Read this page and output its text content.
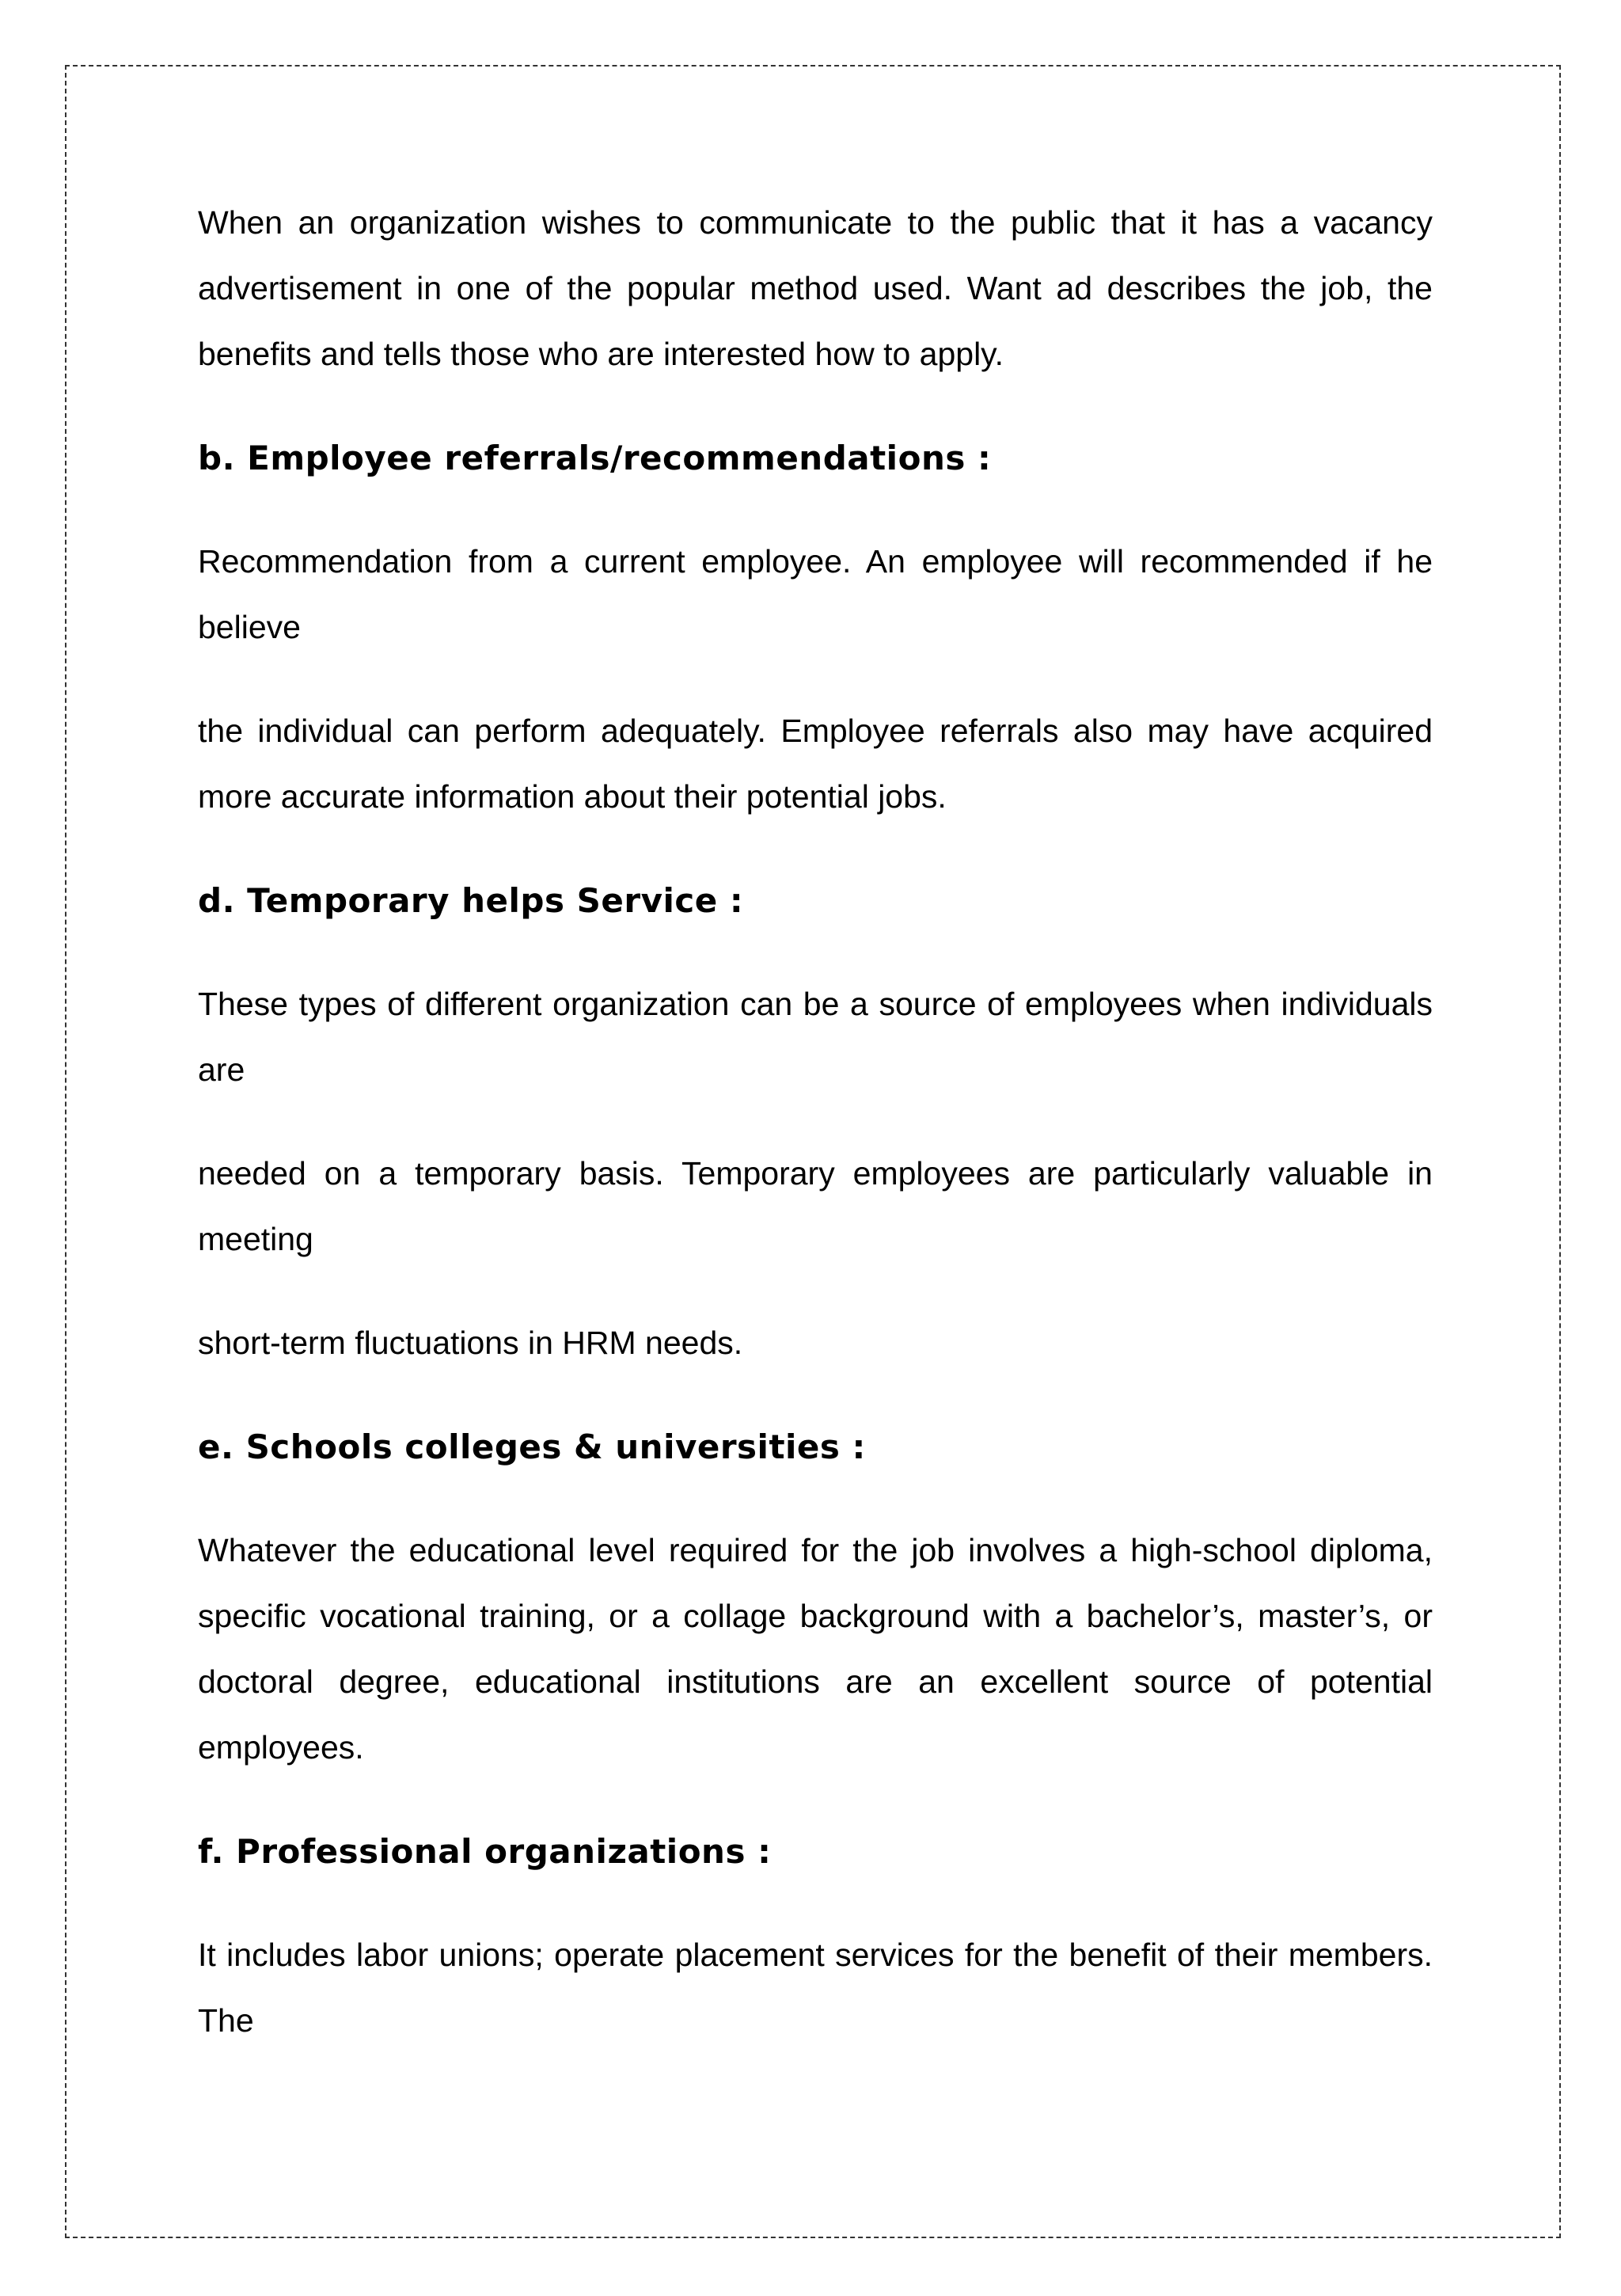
When an organization wishes to communicate to the public that it has a vacancy advertisement in one of the popular method used. Want ad describes the job, the benefits and tells those who are interested how to apply.

b. Employee referrals/recommendations :

Recommendation from a current employee. An employee will recommended if he believe

the individual can perform adequately. Employee referrals also may have acquired more accurate information about their potential jobs.

d. Temporary helps Service :

These types of different organization can be a source of employees when individuals are

needed on a temporary basis. Temporary employees are particularly valuable in meeting

short-term fluctuations in HRM needs.

e. Schools colleges & universities :

Whatever the educational level required for the job involves a high-school diploma, specific vocational training, or a collage background with a bachelor’s, master’s, or doctoral degree, educational institutions are an excellent source of potential employees.

f. Professional organizations :

It includes labor unions; operate placement services for the benefit of their members. The
